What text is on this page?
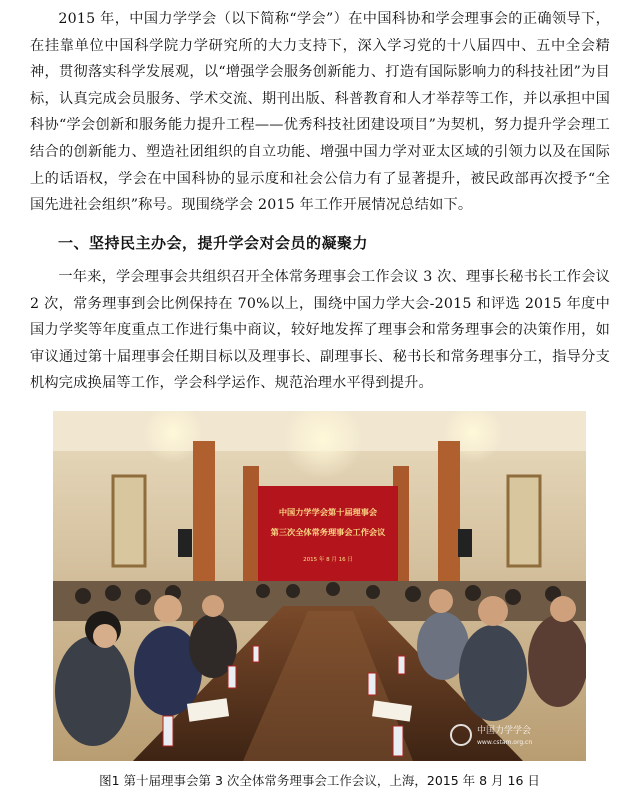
2015 年，中国力学学会（以下简称“学会”）在中国科协和学会理事会的正确领导下，在挂靠单位中国科学院力学研究所的大力支持下，深入学习党的十八届四中、五中全会精神，贯彻落实科学发展观，以“增强学会服务创新能力、打造有国际影响力的科技社团”为目标，认真完成会员服务、学术交流、期刊出版、科普教育和人才举荐等工作，并以承担中国科协“学会创新和服务能力提升工程——优秀科技社团建设项目”为契机，努力提升学会理工结合的创新能力、塑造社团组织的自立功能、增强中国力学对亚太区域的引领力以及在国际上的话语权，学会在中国科协的显示度和社会公信力有了显著提升，被民政部再次授予“全国先进社会组织”称号。现围绕学会 2015 年工作开展情况总结如下。

一、坚持民主办会，提升学会对会员的凝聚力

一年来，学会理事会共组织召开全体常务理事会工作会议 3 次、理事长秘书长工作会议 2 次，常务理事到会比例保持在 70%以上，围绕中国力学大会-2015 和评选 2015 年度中国力学奖等年度重点工作进行集中商议，较好地发挥了理事会和常务理事会的决策作用，如审议通过第十届理事会任期目标以及理事长、副理事长、秘书长和常务理事分工，指导分支机构完成换届等工作，学会科学运作、规范治理水平得到提升。

中国力学学会第十届理事会
第三次全体常务理事会工作会议
2015 年 8 月 16 日
中国力学学会
www.cstam.org.cn
图1 第十届理事会第 3 次全体常务理事会工作会议，上海，2015 年 8 月 16 日
